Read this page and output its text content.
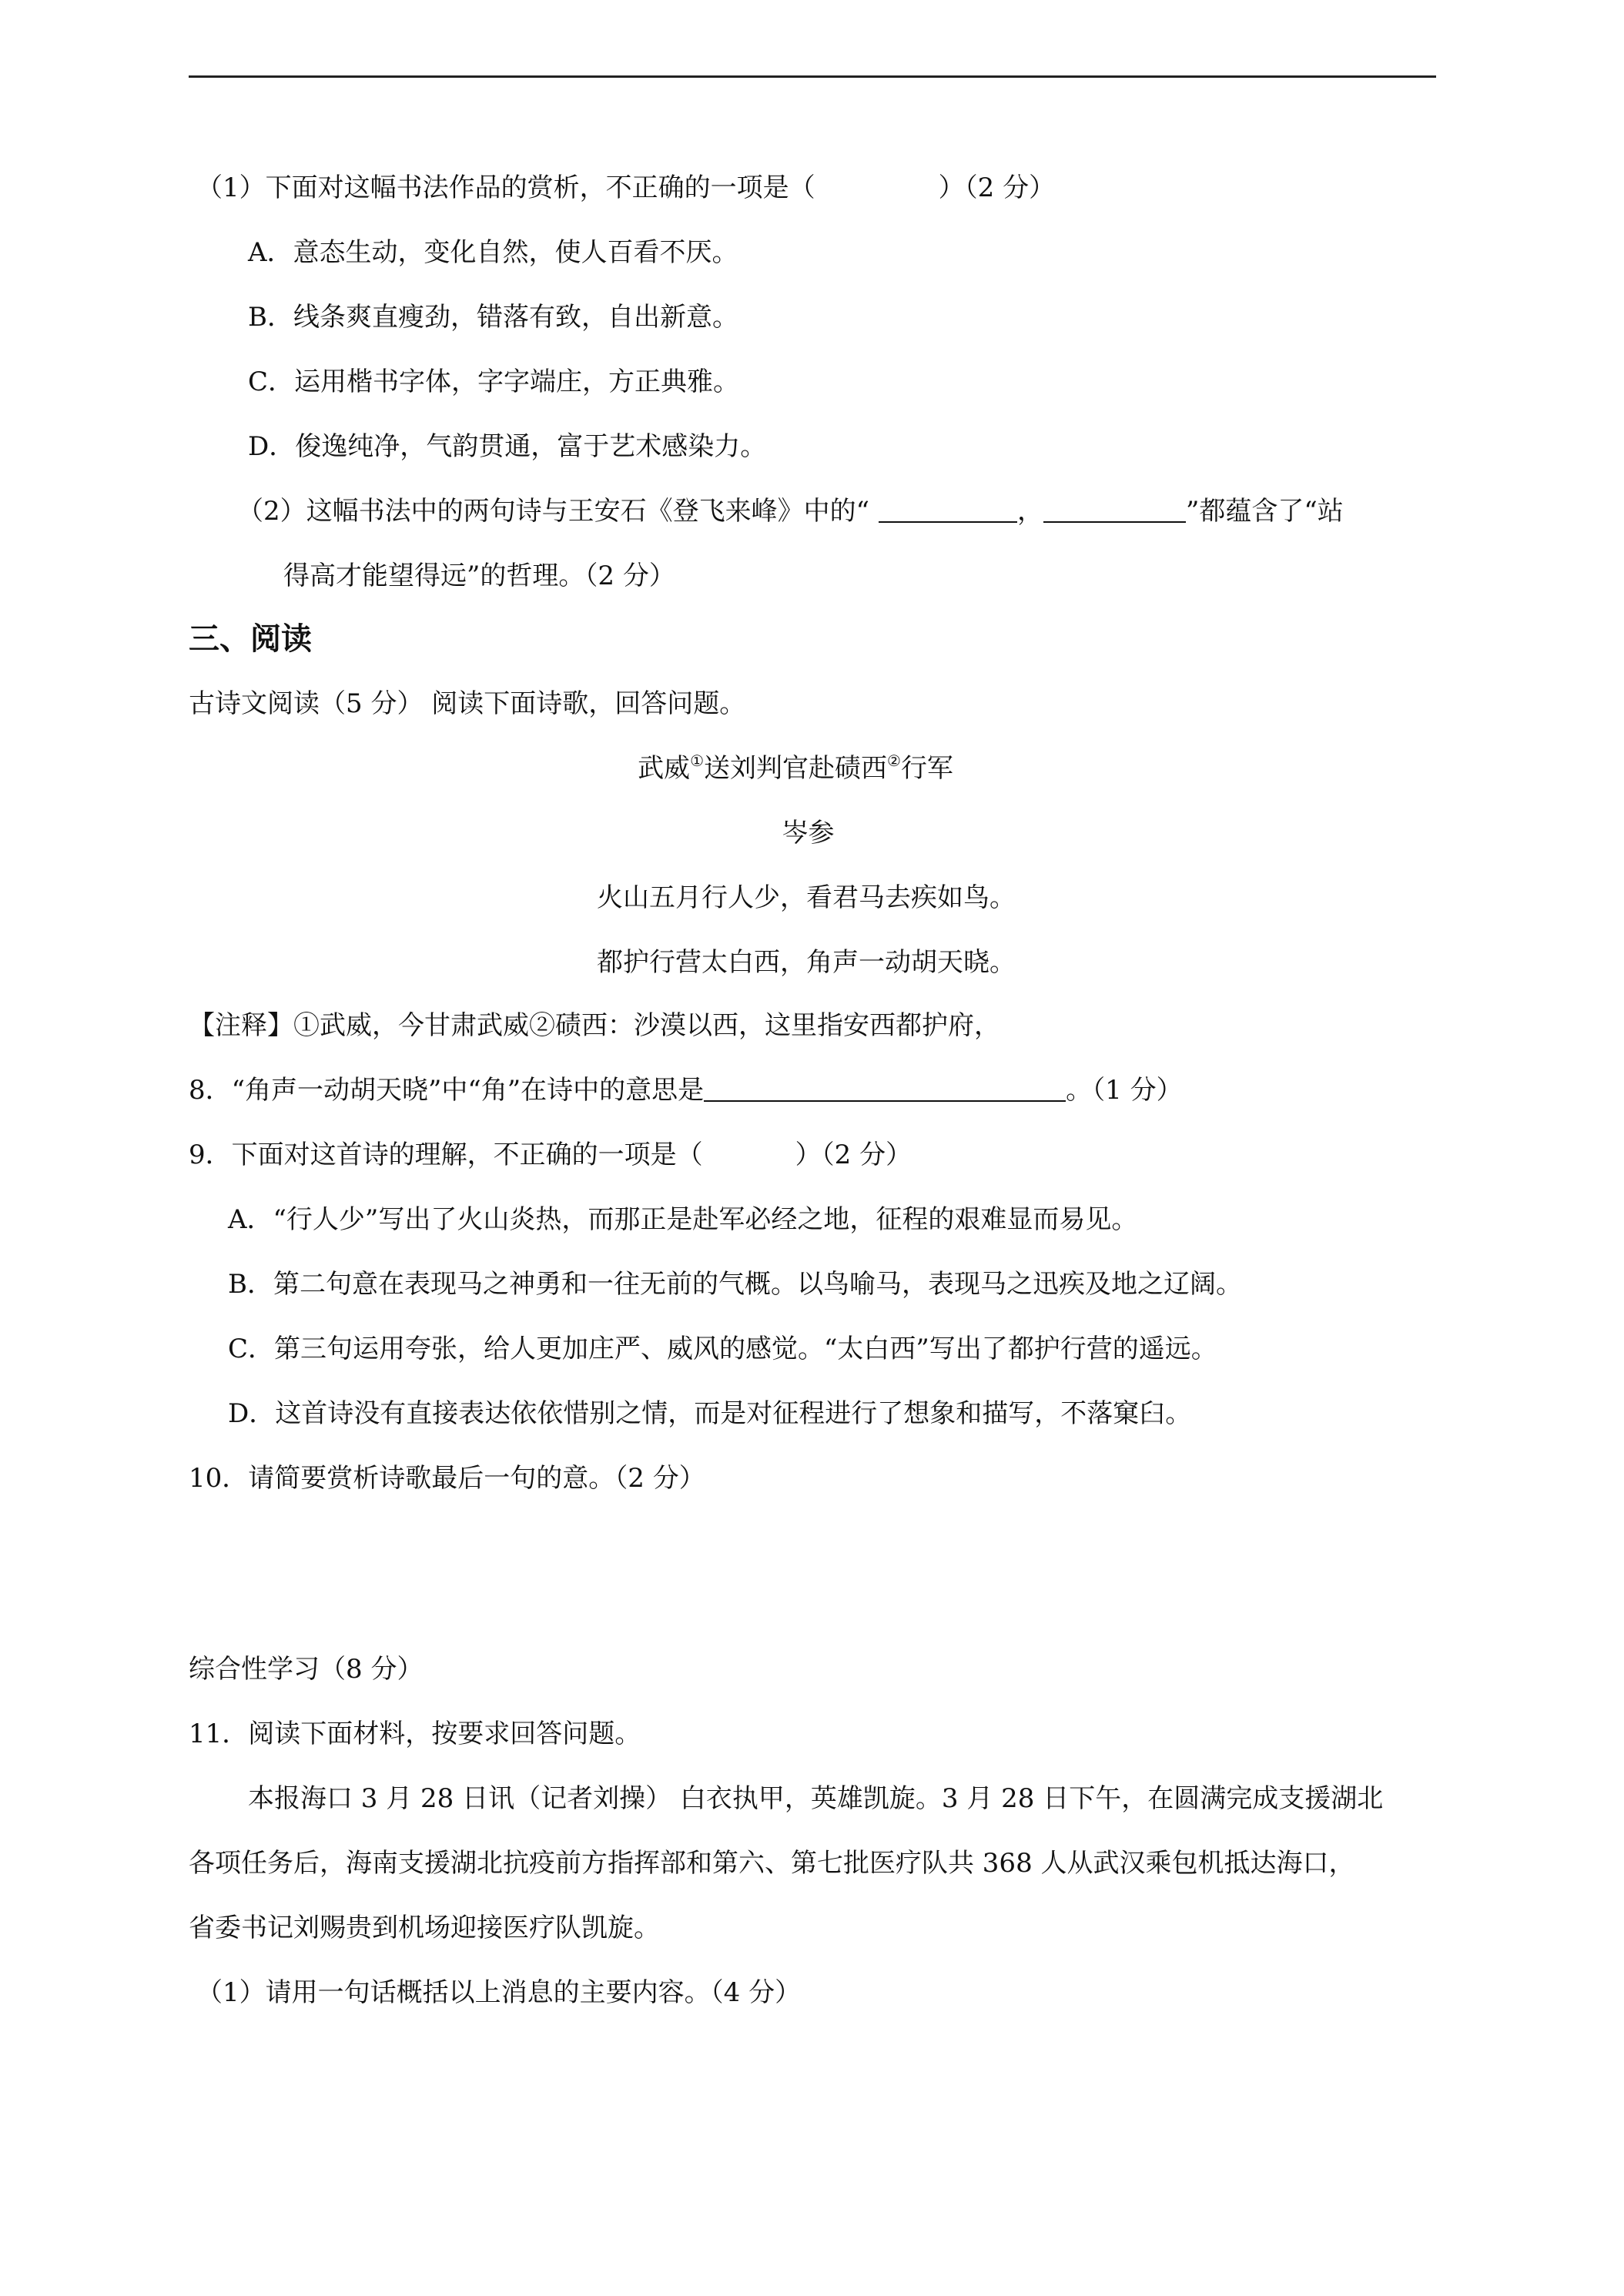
（1）下面对这幅书法作品的赏析，不正确的一项是（	）（2 分）
A．意态生动，变化自然，使人百看不厌。
B．线条爽直瘦劲，错落有致，自出新意。
C．运用楷书字体，字字端庄，方正典雅。
D．俊逸纯净，气韵贯通，富于艺术感染力。
（2）这幅书法中的两句诗与王安石《登飞来峰》中的“	，	”都蕴含了“站
得高才能望得远”的哲理。（2 分）
三、阅读
古诗文阅读（5 分） 阅读下面诗歌，回答问题。
武威①送刘判官赴碛西②行军
岑参
火山五月行人少，看君马去疾如鸟。
都护行营太白西，角声一动胡天晓。
【注释】①武威，今甘肃武威②碛西：沙漠以西，这里指安西都护府，
8．“角声一动胡天晓”中“角”在诗中的意思是	。（1 分）
9．下面对这首诗的理解，不正确的一项是（	）（2 分）
A．“行人少”写出了火山炎热，而那正是赴军必经之地，征程的艰难显而易见。
B．第二句意在表现马之神勇和一往无前的气概。以鸟喻马，表现马之迅疾及地之辽阔。
C．第三句运用夸张，给人更加庄严、威风的感觉。“太白西”写出了都护行营的遥远。
D．这首诗没有直接表达依依惜别之情，而是对征程进行了想象和描写，不落窠臼。
10．请简要赏析诗歌最后一句的意。（2 分）
综合性学习（8 分）
11．阅读下面材料，按要求回答问题。
本报海口 3 月 28 日讯（记者刘操） 白衣执甲，英雄凯旋。3 月 28 日下午，在圆满完成支援湖北
各项任务后，海南支援湖北抗疫前方指挥部和第六、第七批医疗队共 368 人从武汉乘包机抵达海口，
省委书记刘赐贵到机场迎接医疗队凯旋。
（1）请用一句话概括以上消息的主要内容。（4 分）
